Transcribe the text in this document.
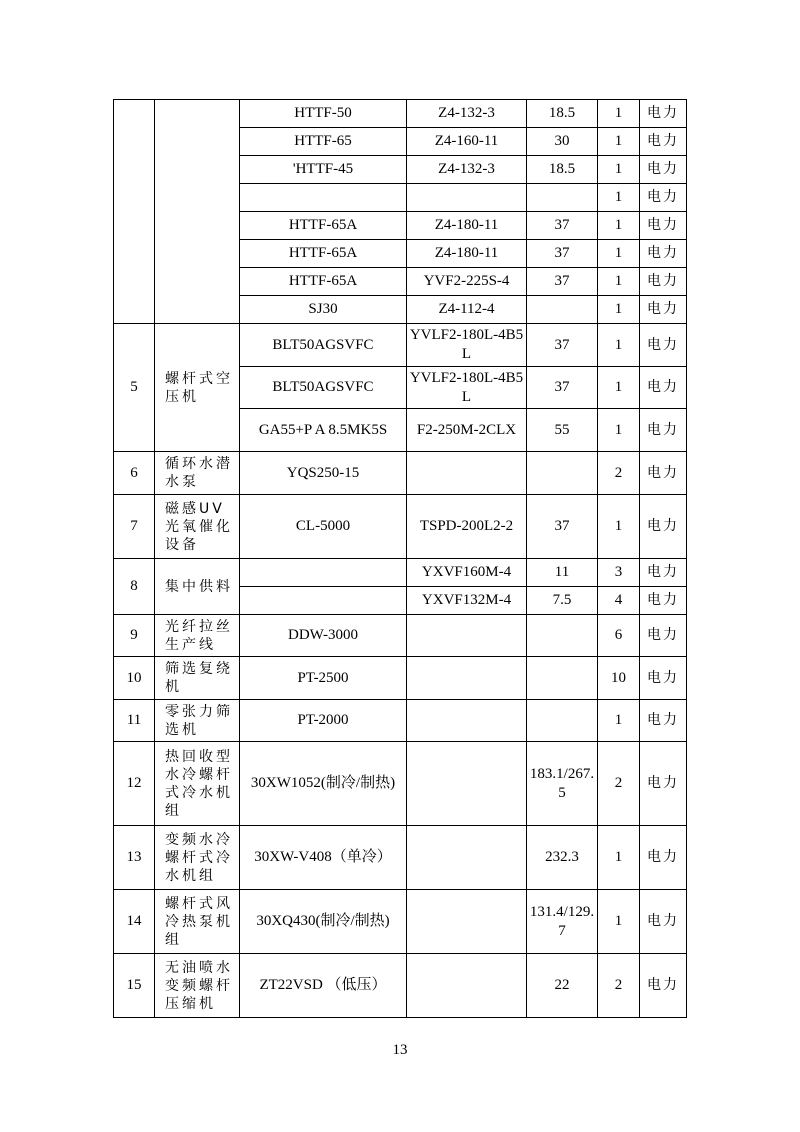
		HTTF-50	Z4-132-3	18.5	1	电力
		HTTF-65	Z4-160-11	30	1	电力
		'HTTF-45	Z4-132-3	18.5	1	电力
					1	电力
		HTTF-65A	Z4-180-11	37	1	电力
		HTTF-65A	Z4-180-11	37	1	电力
		HTTF-65A	YVF2-225S-4	37	1	电力
		SJ30	Z4-112-4		1	电力
5	螺杆式空压机	BLT50AGSVFC	YVLF2-180L-4B5L	37	1	电力
		BLT50AGSVFC	YVLF2-180L-4B5L	37	1	电力
		GA55+P A 8.5MK5S	F2-250M-2CLX	55	1	电力
6	循环水潜水泵	YQS250-15			2	电力
7	磁感UV光氧催化设备	CL-5000	TSPD-200L2-2	37	1	电力
8	集中供料		YXVF160M-4	11	3	电力
			YXVF132M-4	7.5	4	电力
9	光纤拉丝生产线	DDW-3000			6	电力
10	筛选复绕机	PT-2500			10	电力
11	零张力筛选机	PT-2000			1	电力
12	热回收型水冷螺杆式冷水机组	30XW1052(制冷/制热)		183.1/267.5	2	电力
13	变频水冷螺杆式冷水机组	30XW-V408（单冷）		232.3	1	电力
14	螺杆式风冷热泵机组	30XQ430(制冷/制热)		131.4/129.7	1	电力
15	无油喷水变频螺杆压缩机	ZT22VSD （低压）		22	2	电力
13
